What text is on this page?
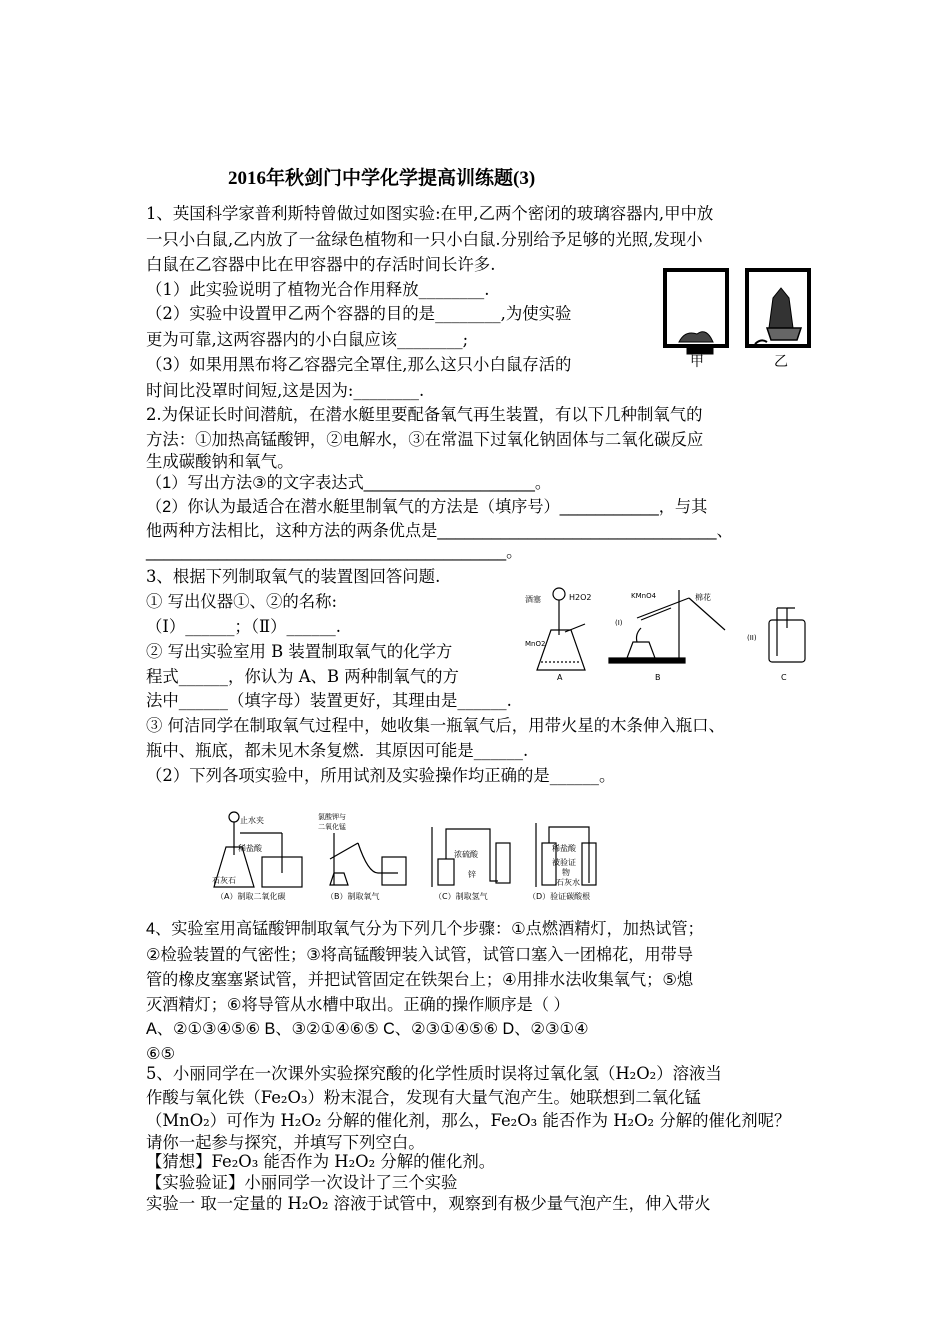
2016年秋剑门中学化学提高训练题(3)
1、英国科学家普利斯特曾做过如图实验:在甲,乙两个密闭的玻璃容器内,甲中放
一只小白鼠,乙内放了一盆绿色植物和一只小白鼠.分别给予足够的光照,发现小
白鼠在乙容器中比在甲容器中的存活时间长许多.
（1）此实验说明了植物光合作用释放________.
（2）实验中设置甲乙两个容器的目的是________,为使实验
更为可靠,这两容器内的小白鼠应该________;
（3）如果用黑布将乙容器完全罩住,那么这只小白鼠存活的
时间比没罩时间短,这是因为:________.
2.为保证长时间潜航，在潜水艇里要配备氧气再生装置，有以下几种制氧气的
方法：①加热高锰酸钾，②电解水，③在常温下过氧化钠固体与二氧化碳反应
生成碳酸钠和氧气。
（1）写出方法③的文字表达式___________________。
（2）你认为最适合在潜水艇里制氧气的方法是（填序号）___________，与其
他两种方法相比，这种方法的两条优点是_______________________________、
________________________________________。
3、根据下列制取氧气的装置图回答问题.
① 写出仪器①、②的名称:
（Ⅰ）______；（Ⅱ）______.
② 写出实验室用 B 装置制取氧气的化学方
程式______，你认为 A、B 两种制氧气的方
法中______（填字母）装置更好，其理由是______.
③ 何洁同学在制取氧气过程中，她收集一瓶氧气后，用带火星的木条伸入瓶口、
瓶中、瓶底，都未见木条复燃．其原因可能是______.
（2）下列各项实验中，所用试剂及实验操作均正确的是______。
4、实验室用高锰酸钾制取氧气分为下列几个步骤：①点燃酒精灯，加热试管；
②检验装置的气密性；③将高锰酸钾装入试管，试管口塞入一团棉花，用带导
管的橡皮塞塞紧试管，并把试管固定在铁架台上；④用排水法收集氧气；⑤熄
灭酒精灯；⑥将导管从水槽中取出。正确的操作顺序是（ ）
A、②①③④⑤⑥ B、③②①④⑥⑤ C、②③①④⑤⑥ D、②③①④
⑥⑤
5、小丽同学在一次课外实验探究酸的化学性质时误将过氧化氢（H₂O₂）溶液当
作酸与氧化铁（Fe₂O₃）粉末混合，发现有大量气泡产生。她联想到二氧化锰
（MnO₂）可作为 H₂O₂ 分解的催化剂，那么，Fe₂O₃ 能否作为 H₂O₂ 分解的催化剂呢？
请你一起参与探究，并填写下列空白。
【猜想】Fe₂O₃ 能否作为 H₂O₂ 分解的催化剂。
【实验验证】小丽同学一次设计了三个实验
实验一 取一定量的 H₂O₂ 溶液于试管中，观察到有极少量气泡产生，伸入带火
甲	乙
酒塞	H2O2
MnO2
A
KMnO4	棉花
(I)
B
(II)
C
止水夹
稀盐酸
石灰石
（A）制取二氧化碳
氯酸钾与
二氧化锰
（B）制取氧气
浓硫酸
锌
（C）制取氢气
稀盐酸
被验证
物
石灰水
（D）验证碳酸根
